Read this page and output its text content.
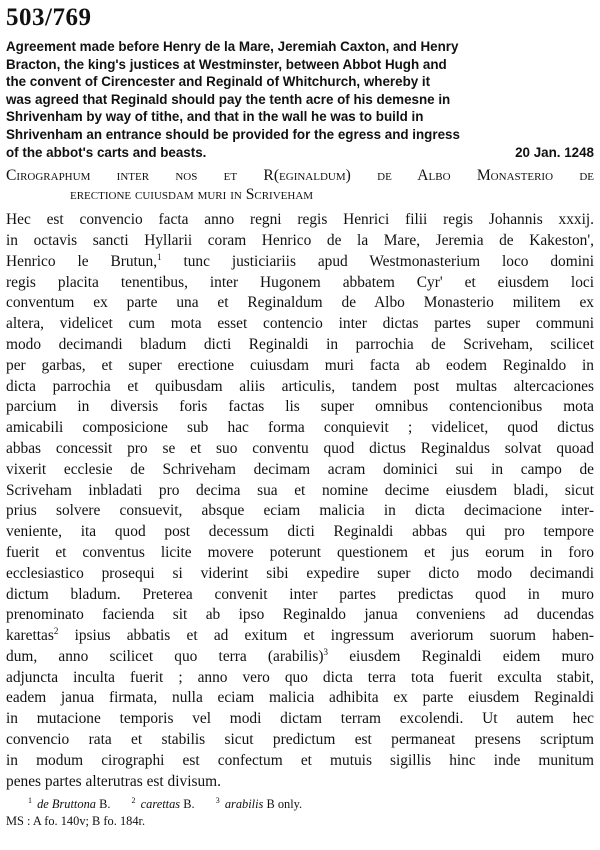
503/769
Agreement made before Henry de la Mare, Jeremiah Caxton, and Henry
Bracton, the king's justices at Westminster, between Abbot Hugh and
the convent of Cirencester and Reginald of Whitchurch, whereby it
was agreed that Reginald should pay the tenth acre of his demesne in
Shrivenham by way of tithe, and that in the wall he was to build in
Shrivenham an entrance should be provided for the egress and ingress
of the abbot's carts and beasts.	20 Jan. 1248
Cirographum inter nos et R(eginaldum) de Albo Monasterio de
erectione cuiusdam muri in Scriveham
Hec est convencio facta anno regni regis Henrici filii regis Johannis xxxij.
in octavis sancti Hyllarii coram Henrico de la Mare, Jeremia de Kakeston',
Henrico le Brutun,$^1$ tunc justiciariis apud Westmonasterium loco domini
regis placita tenentibus, inter Hugonem abbatem Cyr' et eiusdem loci
conventum ex parte una et Reginaldum de Albo Monasterio militem ex
altera, videlicet cum mota esset contencio inter dictas partes super communi
modo decimandi bladum dicti Reginaldi in parrochia de Scriveham, scilicet
per garbas, et super erectione cuiusdam muri facta ab eodem Reginaldo in
dicta parrochia et quibusdam aliis articulis, tandem post multas altercaciones
parcium in diversis foris factas lis super omnibus contencionibus mota
amicabili composicione sub hac forma conquievit ; videlicet, quod dictus
abbas concessit pro se et suo conventu quod dictus Reginaldus solvat quoad
vixerit ecclesie de Schriveham decimam acram dominici sui in campo de
Scriveham inbladati pro decima sua et nomine decime eiusdem bladi, sicut
prius solvere consuevit, absque eciam malicia in dicta decimacione inter-
veniente, ita quod post decessum dicti Reginaldi abbas qui pro tempore
fuerit et conventus licite movere poterunt questionem et jus eorum in foro
ecclesiastico prosequi si viderint sibi expedire super dicto modo decimandi
dictum bladum. Preterea convenit inter partes predictas quod in muro
prenominato facienda sit ab ipso Reginaldo janua conveniens ad ducendas
karettas$^2$ ipsius abbatis et ad exitum et ingressum averiorum suorum haben-
dum, anno scilicet quo terra (arabilis)$^3$ eiusdem Reginaldi eidem muro
adjuncta inculta fuerit ; anno vero quo dicta terra tota fuerit exculta stabit,
eadem janua firmata, nulla eciam malicia adhibita ex parte eiusdem Reginaldi
in mutacione temporis vel modi dictam terram excolendi. Ut autem hec
convencio rata et stabilis sicut predictum est permaneat presens scriptum
in modum cirographi est confectum et mutuis sigillis hinc inde munitum
penes partes alterutras est divisum.
$^1$ de Bruttona B.	$^2$ carettas B.	$^3$ arabilis B only.
MS : A fo. 140v; B fo. 184r.
